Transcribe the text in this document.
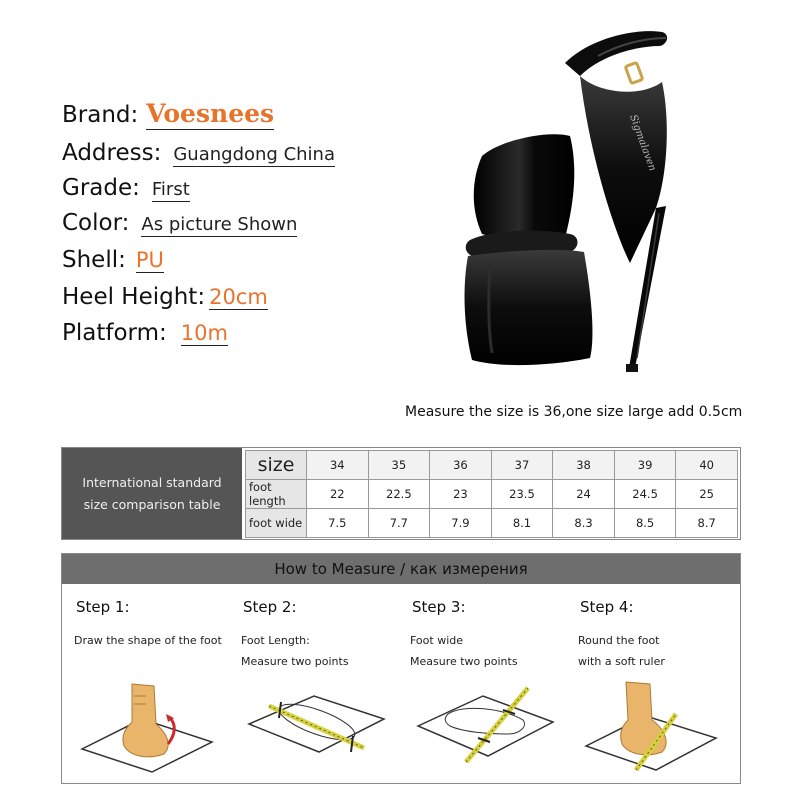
Brand: Voesnees
Address: Guangdong China
Grade: First
Color: As picture Shown
Shell: PU
Heel Height: 20cm
Platform: 10m
Sigmalaven
Measure the size is 36,one size large add 0.5cm
International standard
size comparison table
size	34	35	36	37	38	39	40
foot length	22	22.5	23	23.5	24	24.5	25
foot wide	7.5	7.7	7.9	8.1	8.3	8.5	8.7
How to Measure / как измерения
Step 1:
Draw the shape of the foot
Step 2:
Foot Length:
Measure two points
Step 3:
Foot wide
Measure two points
Step 4:
Round the foot
with a soft ruler
